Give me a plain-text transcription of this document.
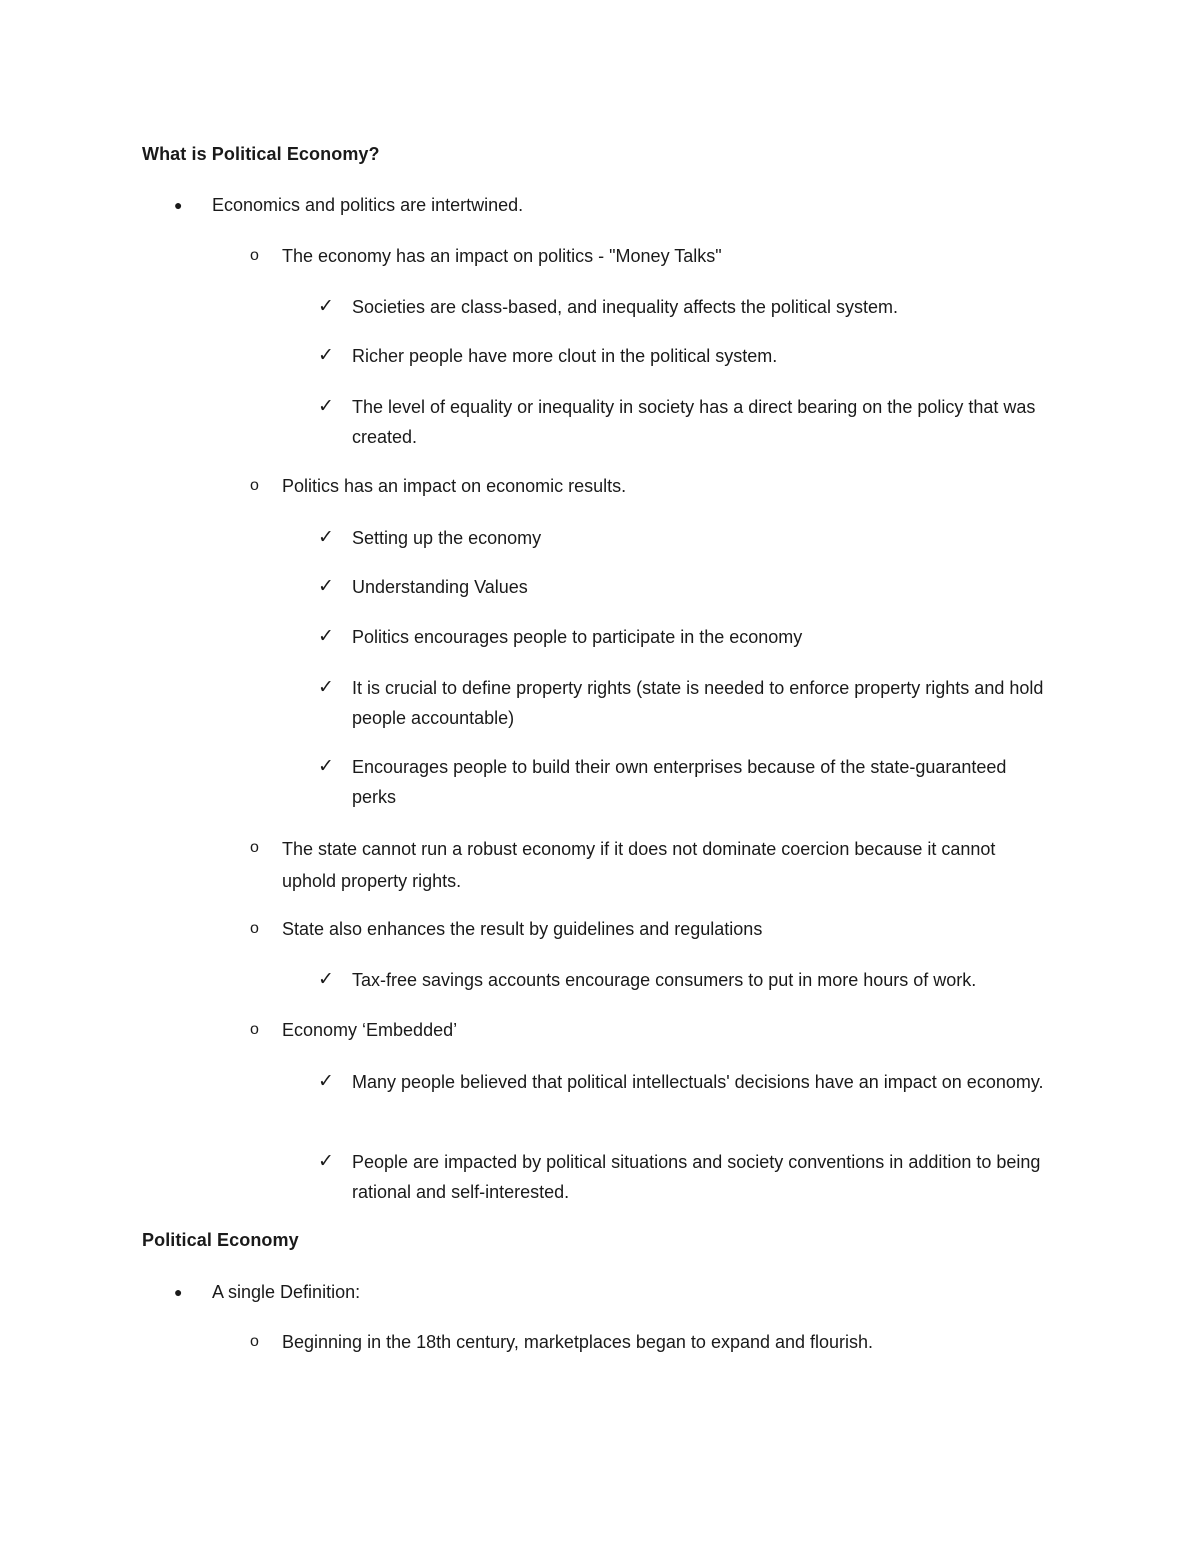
What is Political Economy?
● Economics and politics are intertwined.
o The economy has an impact on politics - "Money Talks"
✓ Societies are class-based, and inequality affects the political system.
✓ Richer people have more clout in the political system.
✓ The level of equality or inequality in society has a direct bearing on the policy that was created.
o Politics has an impact on economic results.
✓ Setting up the economy
✓ Understanding Values
✓ Politics encourages people to participate in the economy
✓ It is crucial to define property rights (state is needed to enforce property rights and hold people accountable)
✓ Encourages people to build their own enterprises because of the state-guaranteed perks
o The state cannot run a robust economy if it does not dominate coercion because it cannot uphold property rights.
o State also enhances the result by guidelines and regulations
✓ Tax-free savings accounts encourage consumers to put in more hours of work.
o Economy ‘Embedded’
✓ Many people believed that political intellectuals' decisions have an impact on economy.
✓ People are impacted by political situations and society conventions in addition to being rational and self-interested.
Political Economy
● A single Definition:
o Beginning in the 18th century, marketplaces began to expand and flourish.
